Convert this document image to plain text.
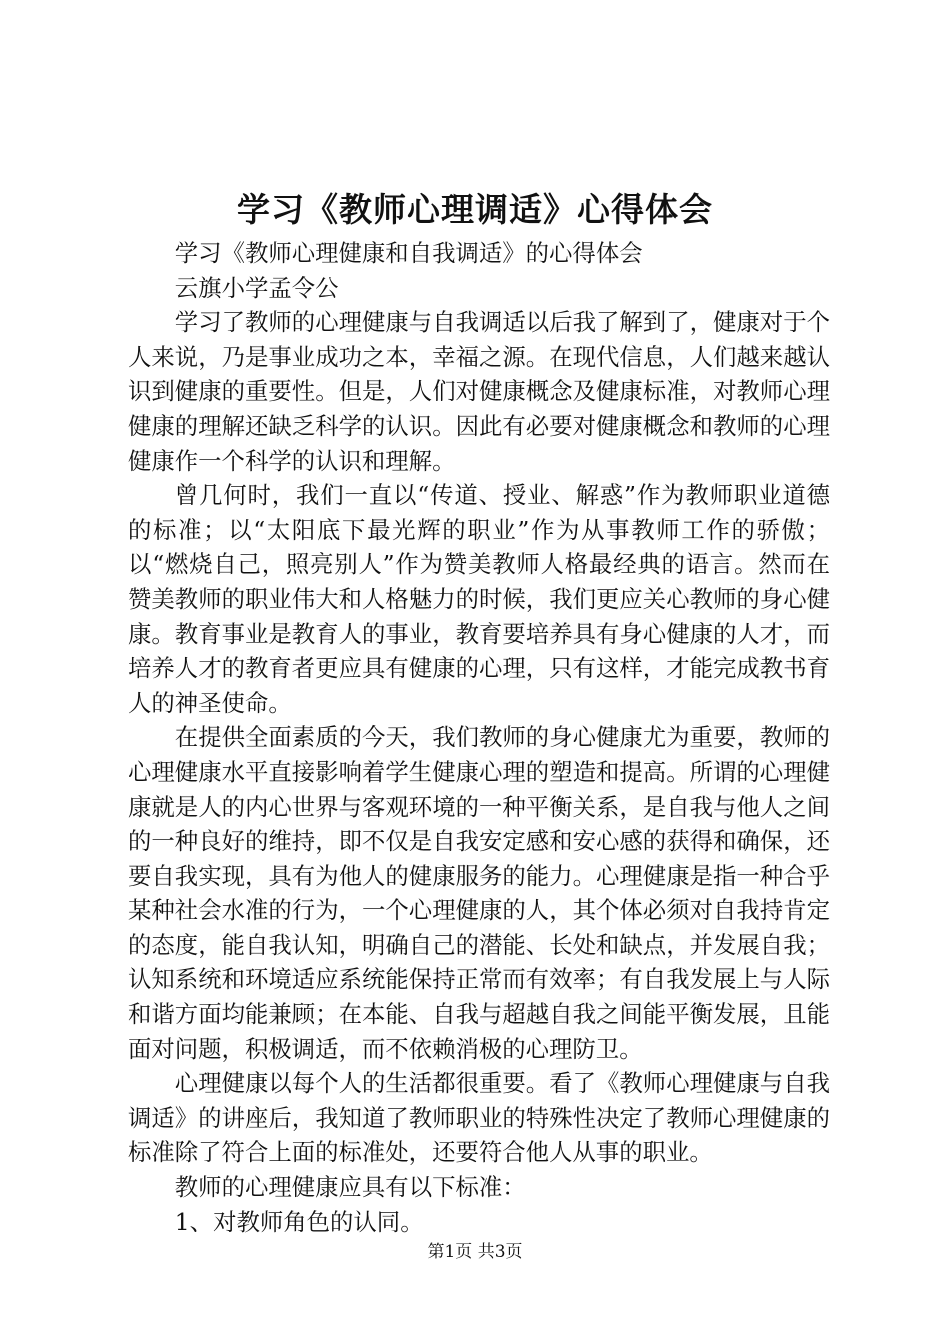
学习《教师心理调适》心得体会

学习《教师心理健康和自我调适》的心得体会

云旗小学孟令公

学习了教师的心理健康与自我调适以后我了解到了，健康对于个人来说，乃是事业成功之本，幸福之源。在现代信息，人们越来越认识到健康的重要性。但是，人们对健康概念及健康标准，对教师心理健康的理解还缺乏科学的认识。因此有必要对健康概念和教师的心理健康作一个科学的认识和理解。

曾几何时，我们一直以“传道、授业、解惑”作为教师职业道德的标准；以“太阳底下最光辉的职业”作为从事教师工作的骄傲；以“燃烧自己，照亮别人”作为赞美教师人格最经典的语言。然而在赞美教师的职业伟大和人格魅力的时候，我们更应关心教师的身心健康。教育事业是教育人的事业，教育要培养具有身心健康的人才，而培养人才的教育者更应具有健康的心理，只有这样，才能完成教书育人的神圣使命。

在提供全面素质的今天，我们教师的身心健康尤为重要，教师的心理健康水平直接影响着学生健康心理的塑造和提高。所谓的心理健康就是人的内心世界与客观环境的一种平衡关系，是自我与他人之间的一种良好的维持，即不仅是自我安定感和安心感的获得和确保，还要自我实现，具有为他人的健康服务的能力。心理健康是指一种合乎某种社会水准的行为，一个心理健康的人，其个体必须对自我持肯定的态度，能自我认知，明确自己的潜能、长处和缺点，并发展自我；认知系统和环境适应系统能保持正常而有效率；有自我发展上与人际和谐方面均能兼顾；在本能、自我与超越自我之间能平衡发展，且能面对问题，积极调适，而不依赖消极的心理防卫。

心理健康以每个人的生活都很重要。看了《教师心理健康与自我调适》的讲座后，我知道了教师职业的特殊性决定了教师心理健康的标准除了符合上面的标准处，还要符合他人从事的职业。

教师的心理健康应具有以下标准：

1、对教师角色的认同。

第1页 共3页
